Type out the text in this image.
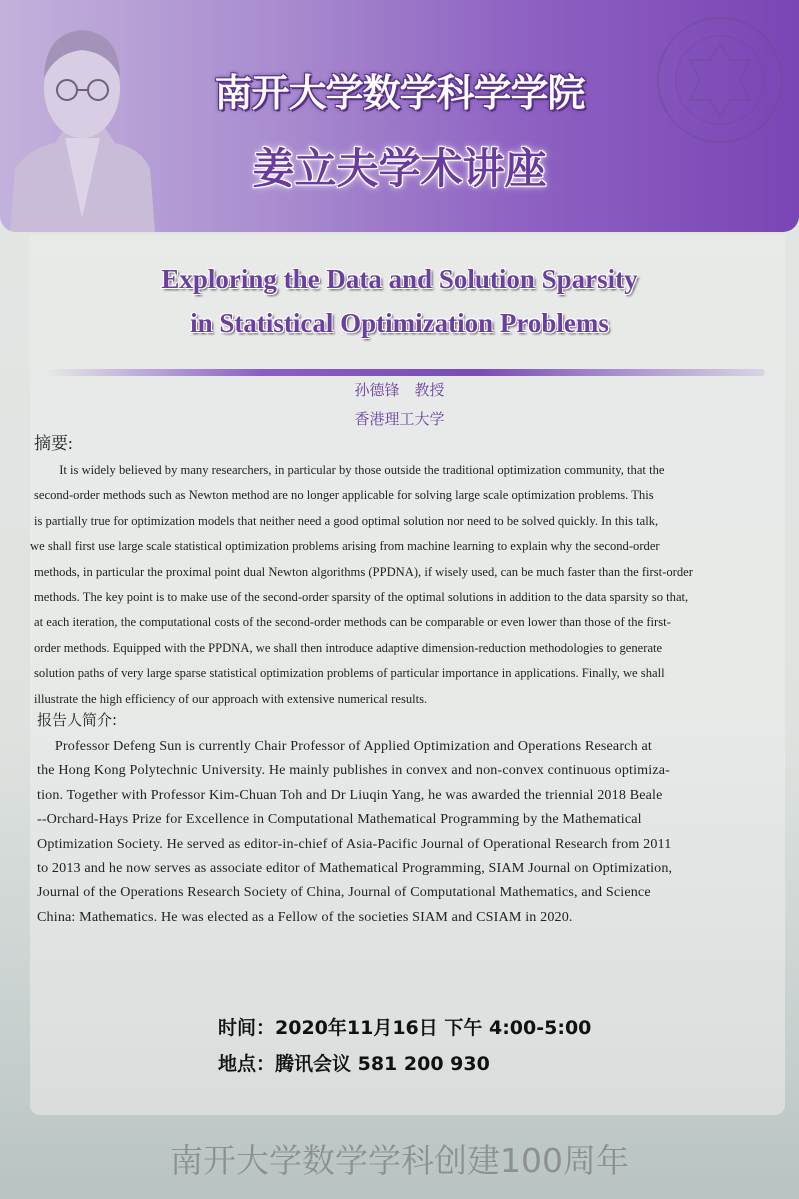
南开大学数学科学学院
姜立夫学术讲座
Exploring the Data and Solution Sparsity
in Statistical Optimization Problems
孙德锋　教授
香港理工大学
摘要:
　 It is widely believed by many researchers, in particular by those outside the traditional optimization community, that the
second-order methods such as Newton method are no longer applicable for solving large scale optimization problems. This
is partially true for optimization models that neither need a good optimal solution nor need to be solved quickly. In this talk,
we shall first use large scale statistical optimization problems arising from machine learning to explain why the second-order
methods, in particular the proximal point dual Newton algorithms (PPDNA), if wisely used, can be much faster than the first-order
methods. The key point is to make use of the second-order sparsity of the optimal solutions in addition to the data sparsity so that,
at each iteration, the computational costs of the second-order methods can be comparable or even lower than those of the first-
order methods. Equipped with the PPDNA, we shall then introduce adaptive dimension-reduction methodologies to generate
solution paths of very large sparse statistical optimization problems of particular importance in applications. Finally, we shall
illustrate the high efficiency of our approach with extensive numerical results.
报告人简介:
  Professor Defeng Sun is currently Chair Professor of Applied Optimization and Operations Research at
the Hong Kong Polytechnic University. He mainly publishes in convex and non-convex continuous optimiza-
tion. Together with Professor Kim-Chuan Toh and Dr Liuqin Yang, he was awarded the triennial 2018 Beale
--Orchard-Hays Prize for Excellence in Computational Mathematical Programming by the Mathematical
Optimization Society. He served as editor-in-chief of Asia-Pacific Journal of Operational Research from 2011
to 2013 and he now serves as associate editor of Mathematical Programming, SIAM Journal on Optimization,
Journal of the Operations Research Society of China, Journal of Computational Mathematics, and Science
China: Mathematics. He was elected as a Fellow of the societies SIAM and CSIAM in 2020.
时间：2020年11月16日 下午 4:00-5:00
地点：腾讯会议 581 200 930
南开大学数学学科创建100周年
